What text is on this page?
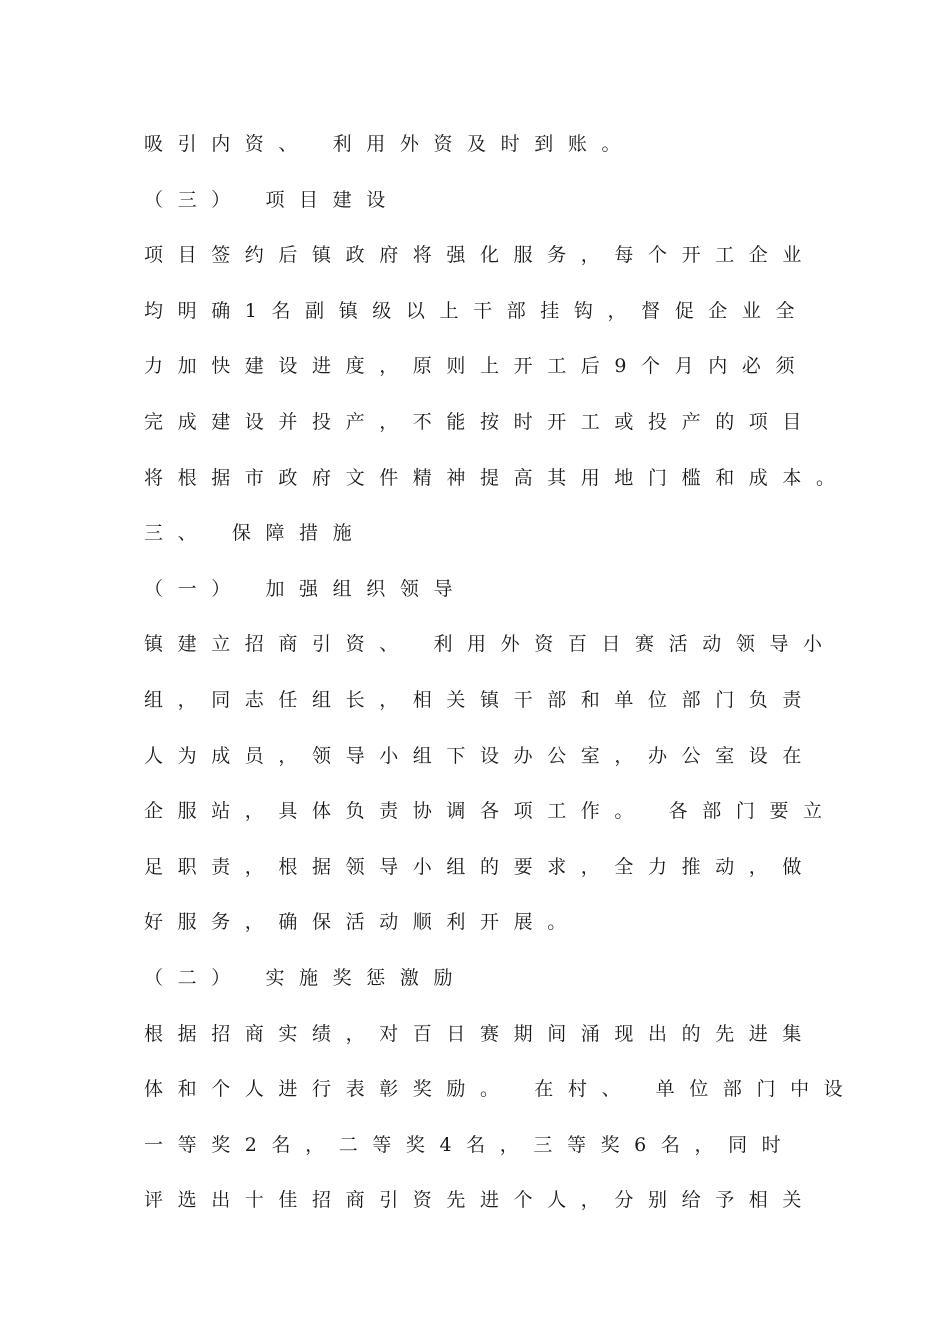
吸引内资、 利用外资及时到账。
（三） 项目建设
项目签约后镇政府将强化服务，每个开工企业
均明确1名副镇级以上干部挂钩，督促企业全
力加快建设进度，原则上开工后9个月内必须
完成建设并投产，不能按时开工或投产的项目
将根据市政府文件精神提高其用地门槛和成本。
三、 保障措施
（一） 加强组织领导
镇建立招商引资、 利用外资百日赛活动领导小
组，同志任组长，相关镇干部和单位部门负责
人为成员，领导小组下设办公室，办公室设在
企服站，具体负责协调各项工作。 各部门要立
足职责，根据领导小组的要求，全力推动，做
好服务，确保活动顺利开展。
（二） 实施奖惩激励
根据招商实绩，对百日赛期间涌现出的先进集
体和个人进行表彰奖励。 在村、 单位部门中设
一等奖2名，二等奖4名，三等奖6名，同时
评选出十佳招商引资先进个人，分别给予相关
